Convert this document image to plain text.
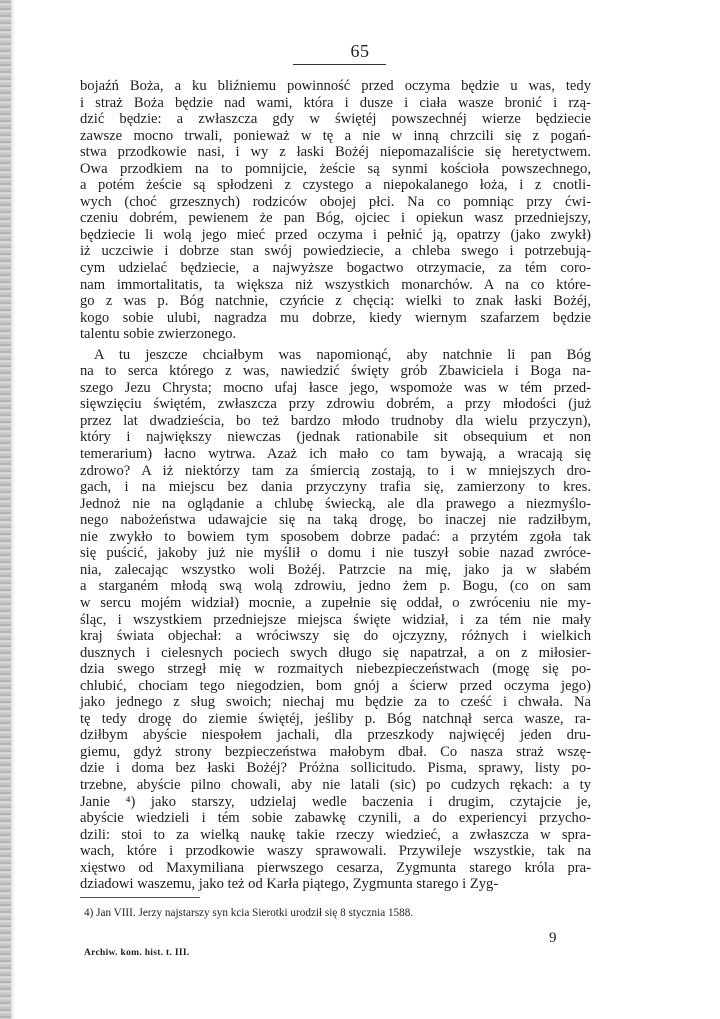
65

bojaźń Boża, a ku bliźniemu powinność przed oczyma będzie u was, tedy
i straż Boża będzie nad wami, która i dusze i ciała wasze bronić i rzą-
dzić będzie: a zwłaszcza gdy w świętéj powszechnéj wierze będziecie
zawsze mocno trwali, ponieważ w tę a nie w inną chrzcili się z pogań-
stwa przodkowie nasi, i wy z łaski Bożéj niepomazaliście się heretyctwem.
Owa przodkiem na to pomnijcie, żeście są synmi kościoła powszechnego,
a potém żeście są spłodzeni z czystego a niepokalanego łoża, i z cnotli-
wych (choć grzesznych) rodziców obojej płci. Na co pomniąc przy ćwi-
czeniu dobrém, pewienem że pan Bóg, ojciec i opiekun wasz przedniejszy,
będziecie li wolą jego mieć przed oczyma i pełnić ją, opatrzy (jako zwykł)
iż uczciwie i dobrze stan swój powiedziecie, a chleba swego i potrzebują-
cym udzielać będziecie, a najwyższe bogactwo otrzymacie, za tém coro-
nam immortalitatis, ta większa niż wszystkich monarchów. A na co które-
go z was p. Bóg natchnie, czyńcie z chęcią: wielki to znak łaski Bożéj,
kogo sobie ulubi, nagradza mu dobrze, kiedy wiernym szafarzem będzie
talentu sobie zwierzonego.

A tu jeszcze chciałbym was napomionąć, aby natchnie li pan Bóg
na to serca którego z was, nawiedzić święty grób Zbawiciela i Boga na-
szego Jezu Chrysta; mocno ufaj łasce jego, wspomoże was w tém przed-
sięwzięciu świętém, zwłaszcza przy zdrowiu dobrém, a przy młodości (już
przez lat dwadzieścia, bo też bardzo młodo trudnoby dla wielu przyczyn),
który i największy niewczas (jednak rationabile sit obsequium et non
temerarium) łacno wytrwa. Azaż ich mało co tam bywają, a wracają się
zdrowo? A iż niektórzy tam za śmiercią zostają, to i w mniejszych dro-
gach, i na miejscu bez dania przyczyny trafia się, zamierzony to kres.
Jednoż nie na oglądanie a chlubę świecką, ale dla prawego a niezmyślo-
nego nabożeństwa udawajcie się na taką drogę, bo inaczej nie radziłbym,
nie zwykło to bowiem tym sposobem dobrze padać: a przytém zgoła tak
się puścić, jakoby już nie myślił o domu i nie tuszył sobie nazad zwróce-
nia, zalecając wszystko woli Bożéj. Patrzcie na mię, jako ja w słabém
a starganém młodą swą wolą zdrowiu, jedno żem p. Bogu, (co on sam
w sercu mojém widział) mocnie, a zupełnie się oddał, o zwróceniu nie my-
śląc, i wszystkiem przedniejsze miejsca święte widział, i za tém nie mały
kraj świata objechał: a wróciwszy się do ojczyzny, różnych i wielkich
dusznych i cielesnych pociech swych długo się napatrzał, a on z miłosier-
dzia swego strzegł mię w rozmaitych niebezpieczeństwach (mogę się po-
chlubić, chociam tego niegodzien, bom gnój a ścierw przed oczyma jego)
jako jednego z sług swoich; niechaj mu będzie za to cześć i chwała. Na
tę tedy drogę do ziemie świętéj, jeśliby p. Bóg natchnął serca wasze, ra-
dziłbym abyście niespołem jachali, dla przeszkody najwięcéj jeden dru-
giemu, gdyż strony bezpieczeństwa małobym dbał. Co nasza straż wszę-
dzie i doma bez łaski Bożéj? Próżna sollicitudo. Pisma, sprawy, listy po-
trzebne, abyście pilno chowali, aby nie latali (sic) po cudzych rękach: a ty
Janie ⁴) jako starszy, udzielaj wedle baczenia i drugim, czytajcie je,
abyście wiedzieli i tém sobie zabawkę czynili, a do experiencyi przycho-
dzili: stoi to za wielką naukę takie rzeczy wiedzieć, a zwłaszcza w spra-
wach, które i przodkowie waszy sprawowali. Przywileje wszystkie, tak na
xięstwo od Maxymiliana pierwszego cesarza, Zygmunta starego króla pra-
dziadowi waszemu, jako też od Karła piątego, Zygmunta starego i Zyg-

4) Jan VIII. Jerzy najstarszy syn kcia Sierotki urodził się 8 stycznia 1588.
Archiw. kom. hist. t. III.
9
